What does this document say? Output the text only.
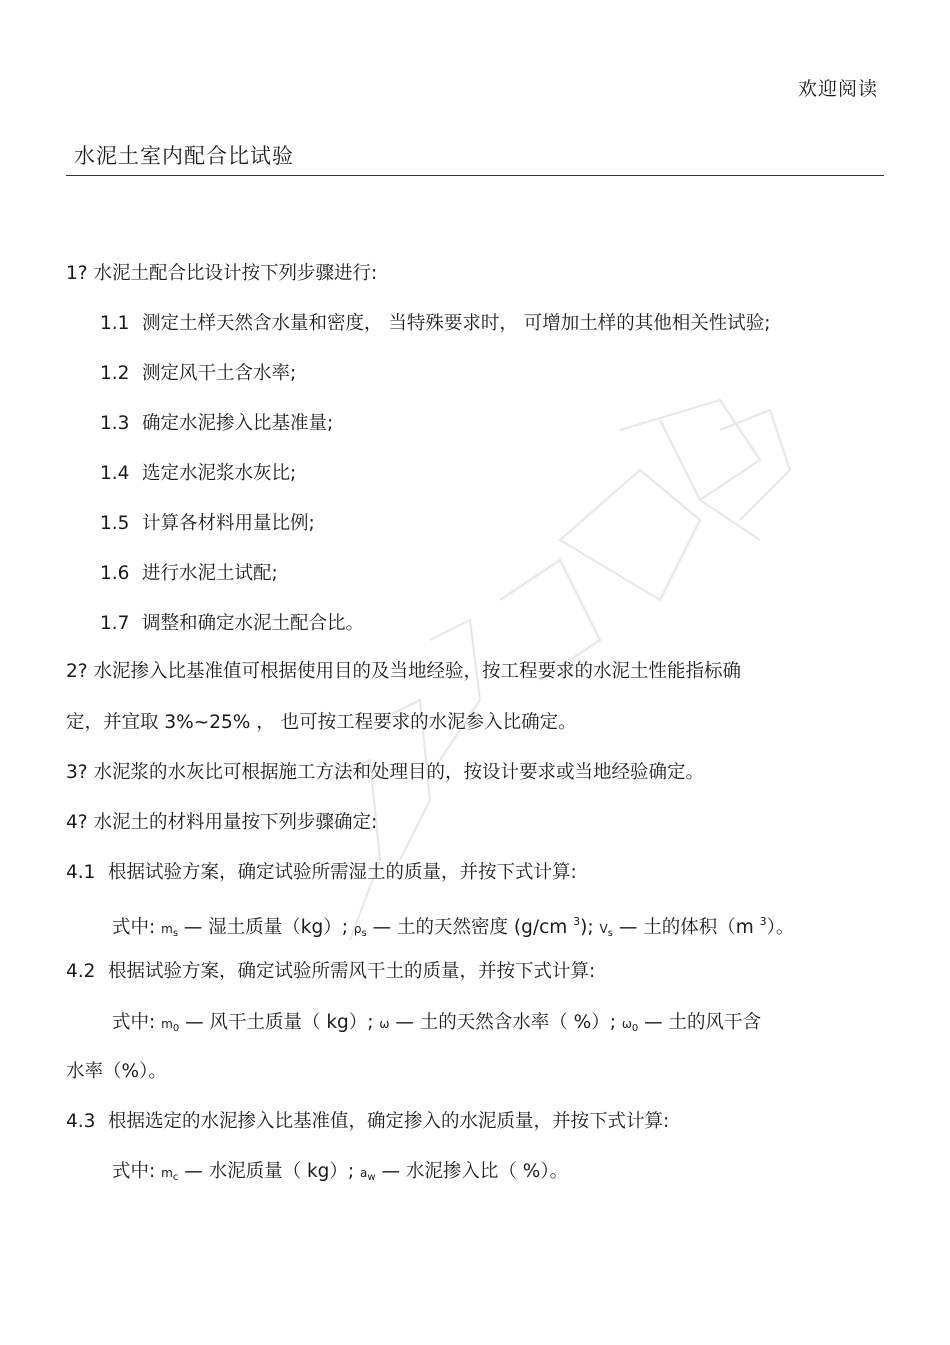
欢迎阅读
水泥土室内配合比试验
1? 水泥土配合比设计按下列步骤进行:
1.1 测定土样天然含水量和密度， 当特殊要求时， 可增加土样的其他相关性试验;
1.2 测定风干土含水率;
1.3 确定水泥掺入比基准量;
1.4 选定水泥浆水灰比;
1.5 计算各材料用量比例;
1.6 进行水泥土试配;
1.7 调整和确定水泥土配合比。
2? 水泥掺入比基准值可根据使用目的及当地经验，按工程要求的水泥土性能指标确
定，并宜取 3%~25% ， 也可按工程要求的水泥参入比确定。
3? 水泥浆的水灰比可根据施工方法和处理目的，按设计要求或当地经验确定。
4? 水泥土的材料用量按下列步骤确定:
4.1 根据试验方案，确定试验所需湿土的质量，并按下式计算:
式中: $m_s$ — 湿土质量（kg）; $\rho_s$ — 土的天然密度 (g/cm $^3$); $V_s$ — 土的体积（m $^3$）。
4.2 根据试验方案，确定试验所需风干土的质量，并按下式计算:
式中: $m_0$ — 风干土质量（ kg）; ω — 土的天然含水率（ %）; $\omega_0$ — 土的风干含
水率（%）。
4.3 根据选定的水泥掺入比基准值，确定掺入的水泥质量，并按下式计算:
式中: $m_c$ — 水泥质量（ kg）; $a_w$ — 水泥掺入比（ %）。
